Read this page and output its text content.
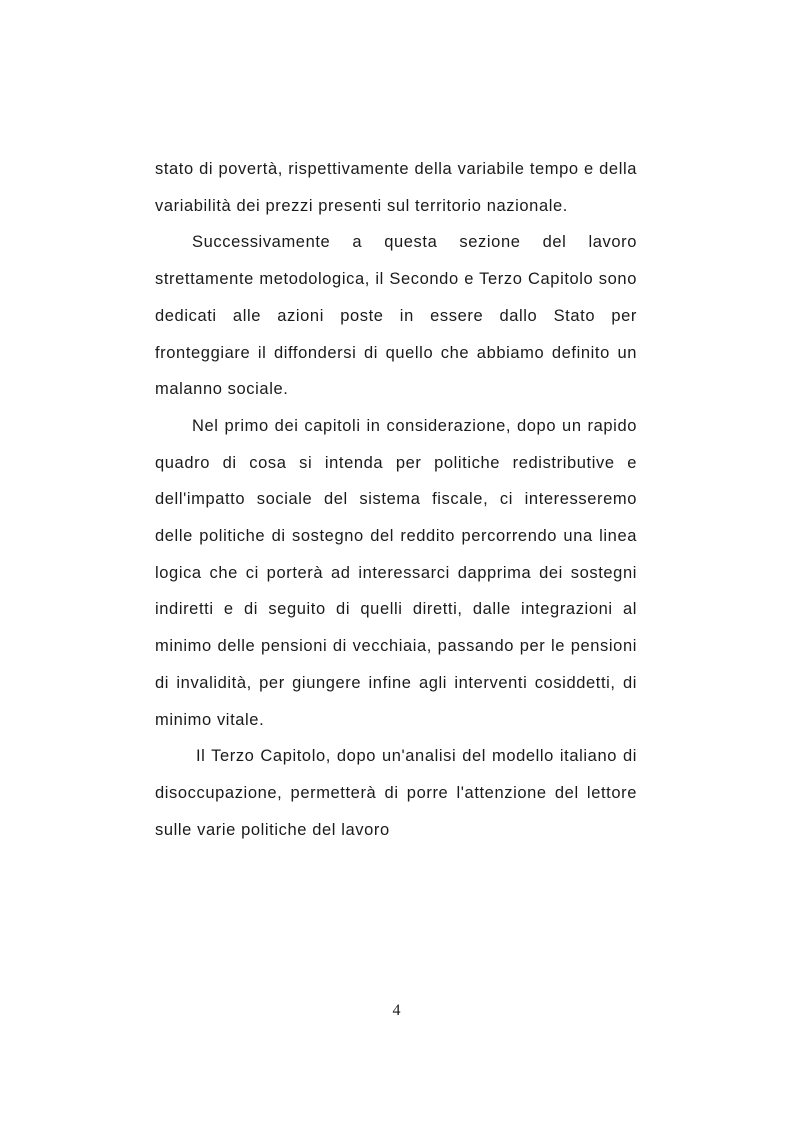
stato di povertà, rispettivamente della variabile tempo e della variabilità dei prezzi presenti sul territorio nazionale.

Successivamente a questa sezione del lavoro strettamente metodologica, il Secondo e Terzo Capitolo sono dedicati alle azioni poste in essere dallo Stato per fronteggiare il diffondersi di quello che abbiamo definito un malanno sociale.

Nel primo dei capitoli in considerazione, dopo un rapido quadro di cosa si intenda per politiche redistributive e dell'impatto sociale del sistema fiscale, ci interesseremo delle politiche di sostegno del reddito percorrendo una linea logica che ci porterà ad interessarci dapprima dei sostegni indiretti e di seguito di quelli diretti, dalle integrazioni al minimo delle pensioni di vecchiaia, passando per le pensioni di invalidità, per giungere infine agli interventi cosiddetti, di minimo vitale.

Il Terzo Capitolo, dopo un'analisi del modello italiano di disoccupazione, permetterà di porre l'attenzione del lettore sulle varie politiche del lavoro

4
